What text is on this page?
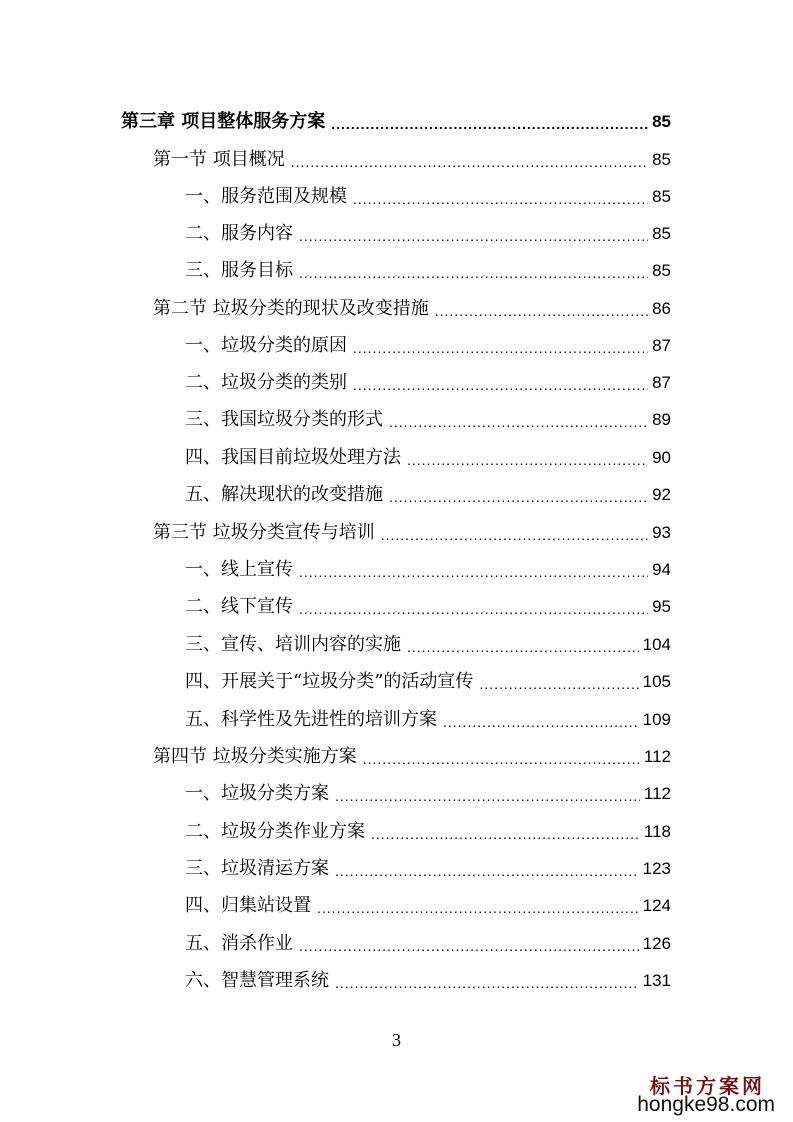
第三章 项目整体服务方案 .....	85
第一节 项目概况 .....	85
一、服务范围及规模 .....	85
二、服务内容 .....	85
三、服务目标 .....	85
第二节 垃圾分类的现状及改变措施 .....	86
一、垃圾分类的原因 .....	87
二、垃圾分类的类别 .....	87
三、我国垃圾分类的形式 .....	89
四、我国目前垃圾处理方法 .....	90
五、解决现状的改变措施 .....	92
第三节 垃圾分类宣传与培训 .....	93
一、线上宣传 .....	94
二、线下宣传 .....	95
三、宣传、培训内容的实施 .....	104
四、开展关于“垃圾分类”的活动宣传 .....	105
五、科学性及先进性的培训方案 .....	109
第四节 垃圾分类实施方案 .....	112
一、垃圾分类方案 .....	112
二、垃圾分类作业方案 .....	118
三、垃圾清运方案 .....	123
四、归集站设置 .....	124
五、消杀作业 .....	126
六、智慧管理系统 .....	131
3
标书方案网
hongke98.com
